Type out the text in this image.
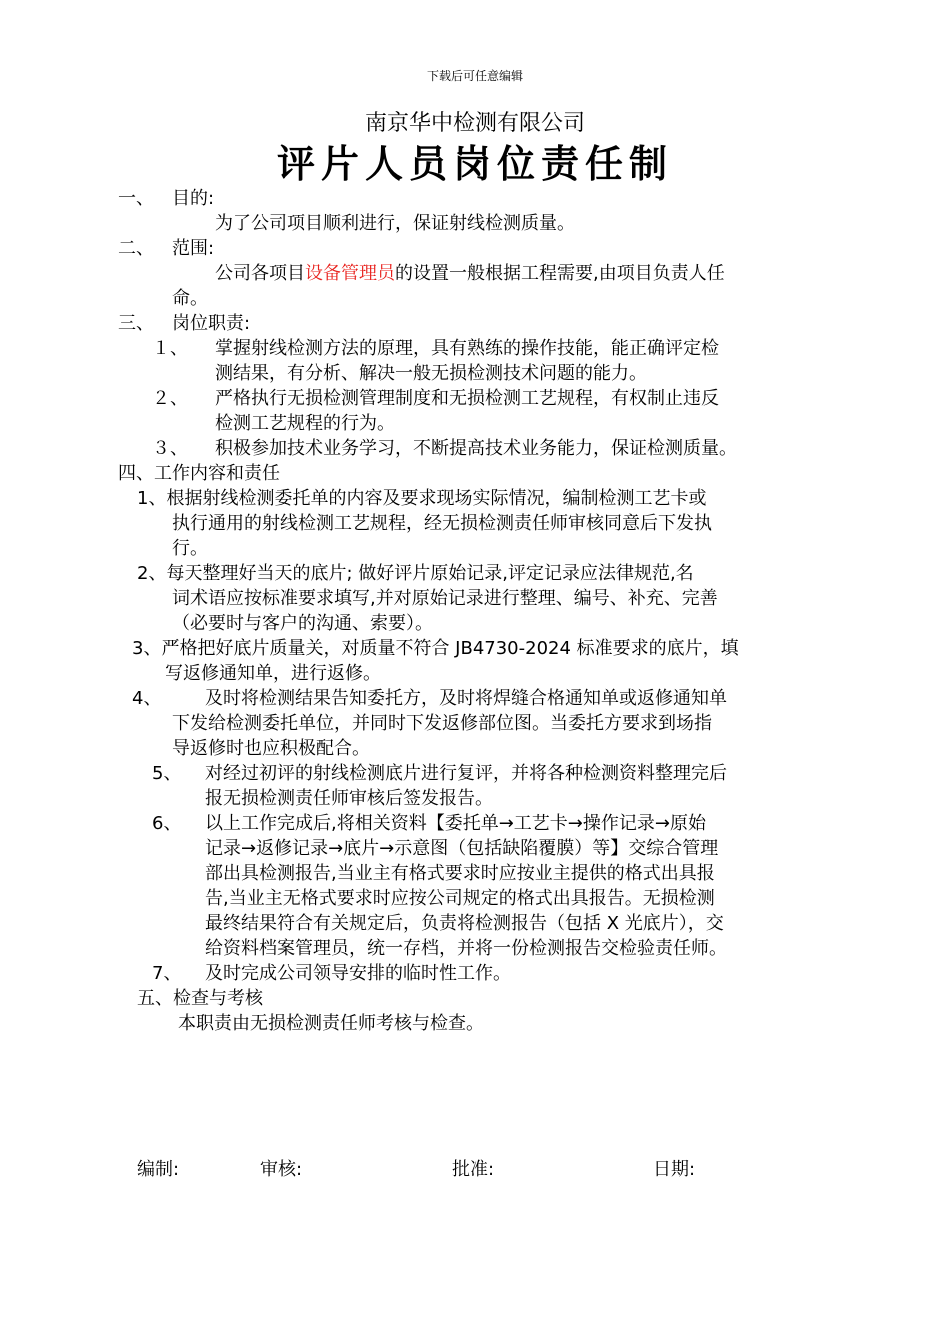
下载后可任意编辑
南京华中检测有限公司
评片人员岗位责任制
一、 目的:
为了公司项目顺利进行，保证射线检测质量。
二、 范围:
公司各项目设备管理员的设置一般根据工程需要,由项目负责人任
命。
三、 岗位职责:
１、 掌握射线检测方法的原理，具有熟练的操作技能，能正确评定检
测结果，有分析、解决一般无损检测技术问题的能力。
２、 严格执行无损检测管理制度和无损检测工艺规程，有权制止违反
检测工艺规程的行为。
３、 积极参加技术业务学习，不断提高技术业务能力，保证检测质量。
四、工作内容和责任
1、根据射线检测委托单的内容及要求现场实际情况，编制检测工艺卡或
执行通用的射线检测工艺规程，经无损检测责任师审核同意后下发执
行。
2、每天整理好当天的底片; 做好评片原始记录,评定记录应法律规范,名
词术语应按标准要求填写,并对原始记录进行整理、编号、补充、完善
（必要时与客户的沟通、索要）。
3、严格把好底片质量关，对质量不符合 JB4730-2024 标准要求的底片，填
写返修通知单，进行返修。
4、 及时将检测结果告知委托方，及时将焊缝合格通知单或返修通知单
下发给检测委托单位，并同时下发返修部位图。当委托方要求到场指
导返修时也应积极配合。
5、 对经过初评的射线检测底片进行复评，并将各种检测资料整理完后
报无损检测责任师审核后签发报告。
6、 以上工作完成后,将相关资料【委托单→工艺卡→操作记录→原始
记录→返修记录→底片→示意图（包括缺陷覆膜）等】交综合管理
部出具检测报告,当业主有格式要求时应按业主提供的格式出具报
告,当业主无格式要求时应按公司规定的格式出具报告。无损检测
最终结果符合有关规定后，负责将检测报告（包括 X 光底片），交
给资料档案管理员，统一存档，并将一份检测报告交检验责任师。
7、 及时完成公司领导安排的临时性工作。
五、检查与考核
本职责由无损检测责任师考核与检查。
编制:	审核:	批准:	日期:
